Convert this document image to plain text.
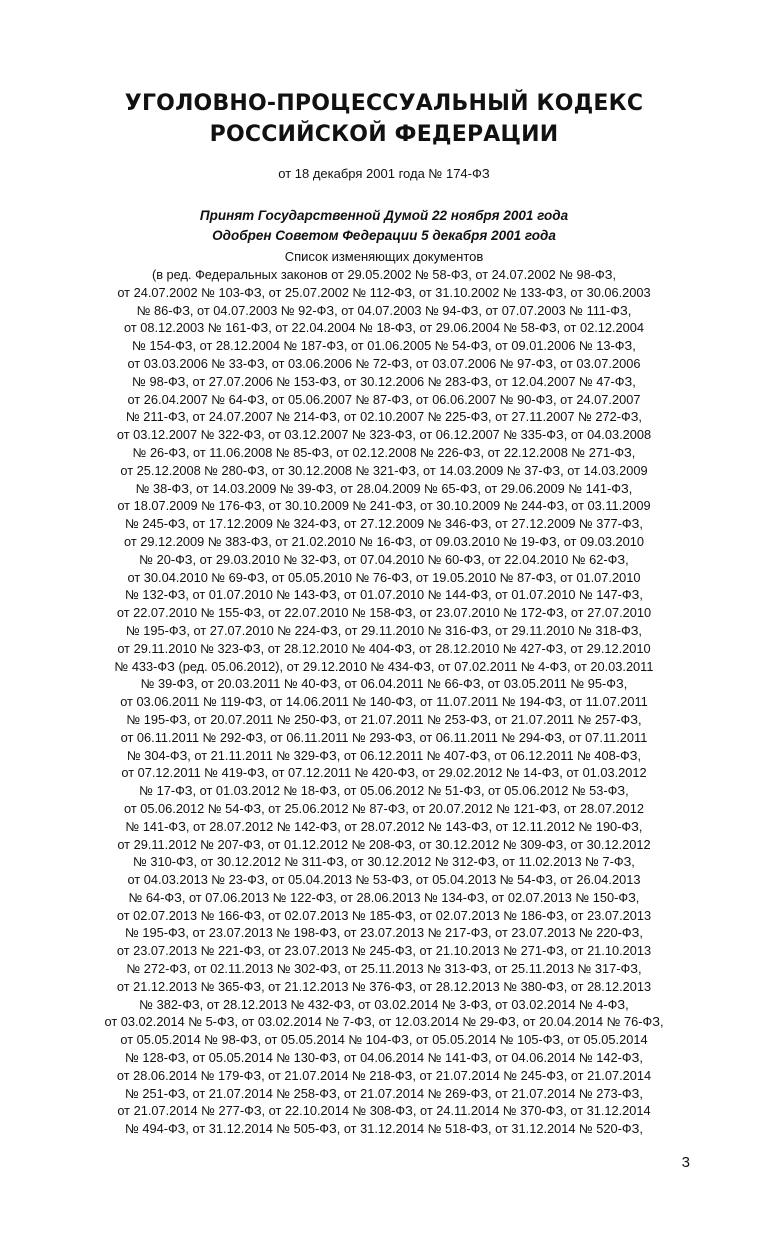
УГОЛОВНО-ПРОЦЕССУАЛЬНЫЙ КОДЕКС
РОССИЙСКОЙ ФЕДЕРАЦИИ
от 18 декабря 2001 года № 174-ФЗ
Принят Государственной Думой 22 ноября 2001 года
Одобрен Советом Федерации 5 декабря 2001 года
Список изменяющих документов
(в ред. Федеральных законов от 29.05.2002 № 58-ФЗ, от 24.07.2002 № 98-ФЗ,
от 24.07.2002 № 103-ФЗ, от 25.07.2002 № 112-ФЗ, от 31.10.2002 № 133-ФЗ, от 30.06.2003
№ 86-ФЗ, от 04.07.2003 № 92-ФЗ, от 04.07.2003 № 94-ФЗ, от 07.07.2003 № 111-ФЗ,
от 08.12.2003 № 161-ФЗ, от 22.04.2004 № 18-ФЗ, от 29.06.2004 № 58-ФЗ, от 02.12.2004
№ 154-ФЗ, от 28.12.2004 № 187-ФЗ, от 01.06.2005 № 54-ФЗ, от 09.01.2006 № 13-ФЗ,
от 03.03.2006 № 33-ФЗ, от 03.06.2006 № 72-ФЗ, от 03.07.2006 № 97-ФЗ, от 03.07.2006
№ 98-ФЗ, от 27.07.2006 № 153-ФЗ, от 30.12.2006 № 283-ФЗ, от 12.04.2007 № 47-ФЗ,
от 26.04.2007 № 64-ФЗ, от 05.06.2007 № 87-ФЗ, от 06.06.2007 № 90-ФЗ, от 24.07.2007
№ 211-ФЗ, от 24.07.2007 № 214-ФЗ, от 02.10.2007 № 225-ФЗ, от 27.11.2007 № 272-ФЗ,
от 03.12.2007 № 322-ФЗ, от 03.12.2007 № 323-ФЗ, от 06.12.2007 № 335-ФЗ, от 04.03.2008
№ 26-ФЗ, от 11.06.2008 № 85-ФЗ, от 02.12.2008 № 226-ФЗ, от 22.12.2008 № 271-ФЗ,
от 25.12.2008 № 280-ФЗ, от 30.12.2008 № 321-ФЗ, от 14.03.2009 № 37-ФЗ, от 14.03.2009
№ 38-ФЗ, от 14.03.2009 № 39-ФЗ, от 28.04.2009 № 65-ФЗ, от 29.06.2009 № 141-ФЗ,
от 18.07.2009 № 176-ФЗ, от 30.10.2009 № 241-ФЗ, от 30.10.2009 № 244-ФЗ, от 03.11.2009
№ 245-ФЗ, от 17.12.2009 № 324-ФЗ, от 27.12.2009 № 346-ФЗ, от 27.12.2009 № 377-ФЗ,
от 29.12.2009 № 383-ФЗ, от 21.02.2010 № 16-ФЗ, от 09.03.2010 № 19-ФЗ, от 09.03.2010
№ 20-ФЗ, от 29.03.2010 № 32-ФЗ, от 07.04.2010 № 60-ФЗ, от 22.04.2010 № 62-ФЗ,
от 30.04.2010 № 69-ФЗ, от 05.05.2010 № 76-ФЗ, от 19.05.2010 № 87-ФЗ, от 01.07.2010
№ 132-ФЗ, от 01.07.2010 № 143-ФЗ, от 01.07.2010 № 144-ФЗ, от 01.07.2010 № 147-ФЗ,
от 22.07.2010 № 155-ФЗ, от 22.07.2010 № 158-ФЗ, от 23.07.2010 № 172-ФЗ, от 27.07.2010
№ 195-ФЗ, от 27.07.2010 № 224-ФЗ, от 29.11.2010 № 316-ФЗ, от 29.11.2010 № 318-ФЗ,
от 29.11.2010 № 323-ФЗ, от 28.12.2010 № 404-ФЗ, от 28.12.2010 № 427-ФЗ, от 29.12.2010
№ 433-ФЗ (ред. 05.06.2012), от 29.12.2010 № 434-ФЗ, от 07.02.2011 № 4-ФЗ, от 20.03.2011
№ 39-ФЗ, от 20.03.2011 № 40-ФЗ, от 06.04.2011 № 66-ФЗ, от 03.05.2011 № 95-ФЗ,
от 03.06.2011 № 119-ФЗ, от 14.06.2011 № 140-ФЗ, от 11.07.2011 № 194-ФЗ, от 11.07.2011
№ 195-ФЗ, от 20.07.2011 № 250-ФЗ, от 21.07.2011 № 253-ФЗ, от 21.07.2011 № 257-ФЗ,
от 06.11.2011 № 292-ФЗ, от 06.11.2011 № 293-ФЗ, от 06.11.2011 № 294-ФЗ, от 07.11.2011
№ 304-ФЗ, от 21.11.2011 № 329-ФЗ, от 06.12.2011 № 407-ФЗ, от 06.12.2011 № 408-ФЗ,
от 07.12.2011 № 419-ФЗ, от 07.12.2011 № 420-ФЗ, от 29.02.2012 № 14-ФЗ, от 01.03.2012
№ 17-ФЗ, от 01.03.2012 № 18-ФЗ, от 05.06.2012 № 51-ФЗ, от 05.06.2012 № 53-ФЗ,
от 05.06.2012 № 54-ФЗ, от 25.06.2012 № 87-ФЗ, от 20.07.2012 № 121-ФЗ, от 28.07.2012
№ 141-ФЗ, от 28.07.2012 № 142-ФЗ, от 28.07.2012 № 143-ФЗ, от 12.11.2012 № 190-ФЗ,
от 29.11.2012 № 207-ФЗ, от 01.12.2012 № 208-ФЗ, от 30.12.2012 № 309-ФЗ, от 30.12.2012
№ 310-ФЗ, от 30.12.2012 № 311-ФЗ, от 30.12.2012 № 312-ФЗ, от 11.02.2013 № 7-ФЗ,
от 04.03.2013 № 23-ФЗ, от 05.04.2013 № 53-ФЗ, от 05.04.2013 № 54-ФЗ, от 26.04.2013
№ 64-ФЗ, от 07.06.2013 № 122-ФЗ, от 28.06.2013 № 134-ФЗ, от 02.07.2013 № 150-ФЗ,
от 02.07.2013 № 166-ФЗ, от 02.07.2013 № 185-ФЗ, от 02.07.2013 № 186-ФЗ, от 23.07.2013
№ 195-ФЗ, от 23.07.2013 № 198-ФЗ, от 23.07.2013 № 217-ФЗ, от 23.07.2013 № 220-ФЗ,
от 23.07.2013 № 221-ФЗ, от 23.07.2013 № 245-ФЗ, от 21.10.2013 № 271-ФЗ, от 21.10.2013
№ 272-ФЗ, от 02.11.2013 № 302-ФЗ, от 25.11.2013 № 313-ФЗ, от 25.11.2013 № 317-ФЗ,
от 21.12.2013 № 365-ФЗ, от 21.12.2013 № 376-ФЗ, от 28.12.2013 № 380-ФЗ, от 28.12.2013
№ 382-ФЗ, от 28.12.2013 № 432-ФЗ, от 03.02.2014 № 3-ФЗ, от 03.02.2014 № 4-ФЗ,
от 03.02.2014 № 5-ФЗ, от 03.02.2014 № 7-ФЗ, от 12.03.2014 № 29-ФЗ, от 20.04.2014 № 76-ФЗ,
от 05.05.2014 № 98-ФЗ, от 05.05.2014 № 104-ФЗ, от 05.05.2014 № 105-ФЗ, от 05.05.2014
№ 128-ФЗ, от 05.05.2014 № 130-ФЗ, от 04.06.2014 № 141-ФЗ, от 04.06.2014 № 142-ФЗ,
от 28.06.2014 № 179-ФЗ, от 21.07.2014 № 218-ФЗ, от 21.07.2014 № 245-ФЗ, от 21.07.2014
№ 251-ФЗ, от 21.07.2014 № 258-ФЗ, от 21.07.2014 № 269-ФЗ, от 21.07.2014 № 273-ФЗ,
от 21.07.2014 № 277-ФЗ, от 22.10.2014 № 308-ФЗ, от 24.11.2014 № 370-ФЗ, от 31.12.2014
№ 494-ФЗ, от 31.12.2014 № 505-ФЗ, от 31.12.2014 № 518-ФЗ, от 31.12.2014 № 520-ФЗ,
3
